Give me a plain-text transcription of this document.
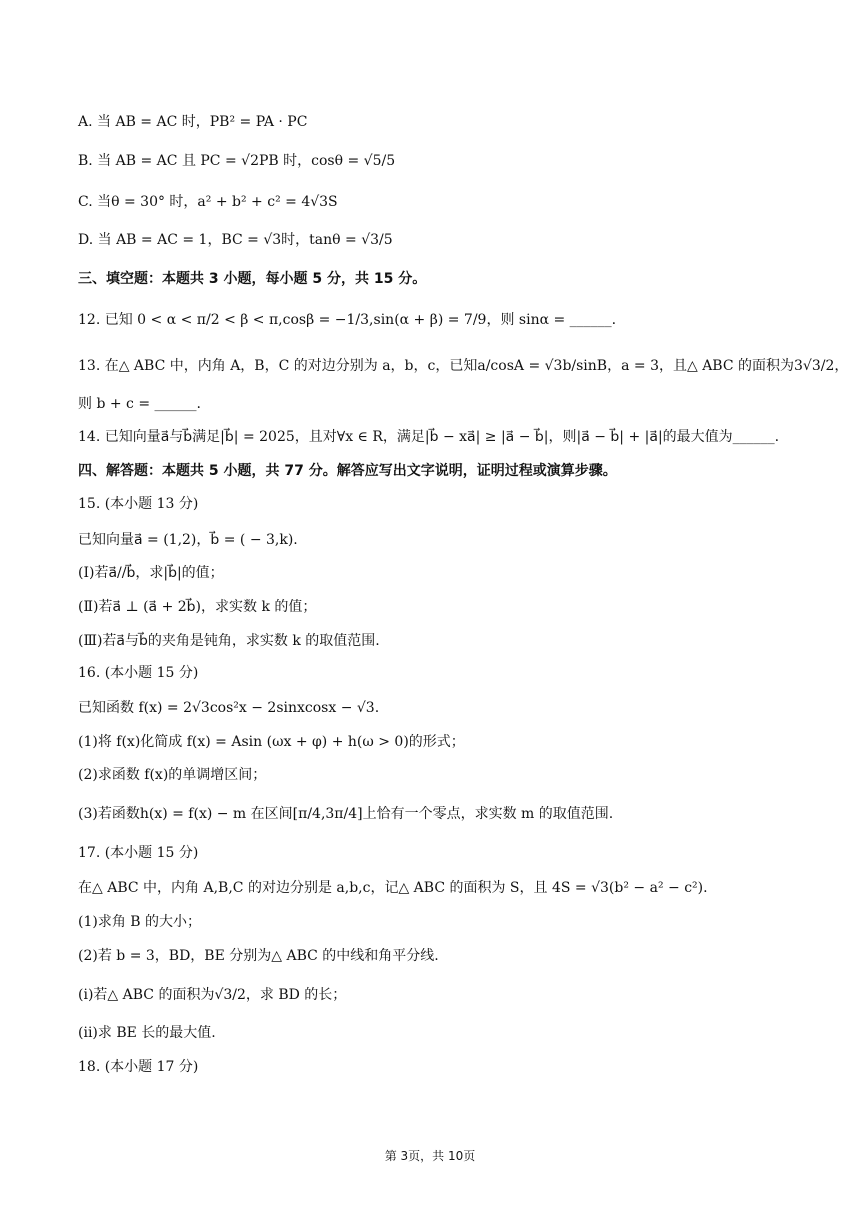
A. 当 AB = AC 时，PB² = PA · PC
B. 当 AB = AC 且 PC = √2PB 时，cosθ = √5/5
C. 当θ = 30° 时，a² + b² + c² = 4√3S
D. 当 AB = AC = 1，BC = √3时，tanθ = √3/5
三、填空题：本题共 3 小题，每小题 5 分，共 15 分。
12. 已知 0 < α < π/2 < β < π,cosβ = −1/3,sin(α + β) = 7/9，则 sinα = ______.
13. 在△ ABC 中，内角 A，B，C 的对边分别为 a，b，c，已知a/cosA = √3b/sinB，a = 3，且△ ABC 的面积为3√3/2，
则 b + c = ______.
14. 已知向量a⃗与b⃗满足|b⃗| = 2025，且对∀x ∈ R，满足|b⃗ − xa⃗| ≥ |a⃗ − b⃗|，则|a⃗ − b⃗| + |a⃗|的最大值为______.
四、解答题：本题共 5 小题，共 77 分。解答应写出文字说明，证明过程或演算步骤。
15. (本小题 13 分)
已知向量a⃗ = (1,2)，b⃗ = ( − 3,k).
(Ⅰ)若a⃗//b⃗，求|b⃗|的值；
(Ⅱ)若a⃗ ⊥ (a⃗ + 2b⃗)，求实数 k 的值；
(Ⅲ)若a⃗与b⃗的夹角是钝角，求实数 k 的取值范围.
16. (本小题 15 分)
已知函数 f(x) = 2√3cos²x − 2sinxcosx − √3.
(1)将 f(x)化简成 f(x) = Asin (ωx + φ) + h(ω > 0)的形式；
(2)求函数 f(x)的单调增区间；
(3)若函数h(x) = f(x) − m 在区间[π/4,3π/4]上恰有一个零点，求实数 m 的取值范围.
17. (本小题 15 分)
在△ ABC 中，内角 A,B,C 的对边分别是 a,b,c，记△ ABC 的面积为 S，且 4S = √3(b² − a² − c²).
(1)求角 B 的大小；
(2)若 b = 3，BD，BE 分别为△ ABC 的中线和角平分线.
(i)若△ ABC 的面积为√3/2，求 BD 的长；
(ii)求 BE 长的最大值.
18. (本小题 17 分)
第 3页，共 10页
